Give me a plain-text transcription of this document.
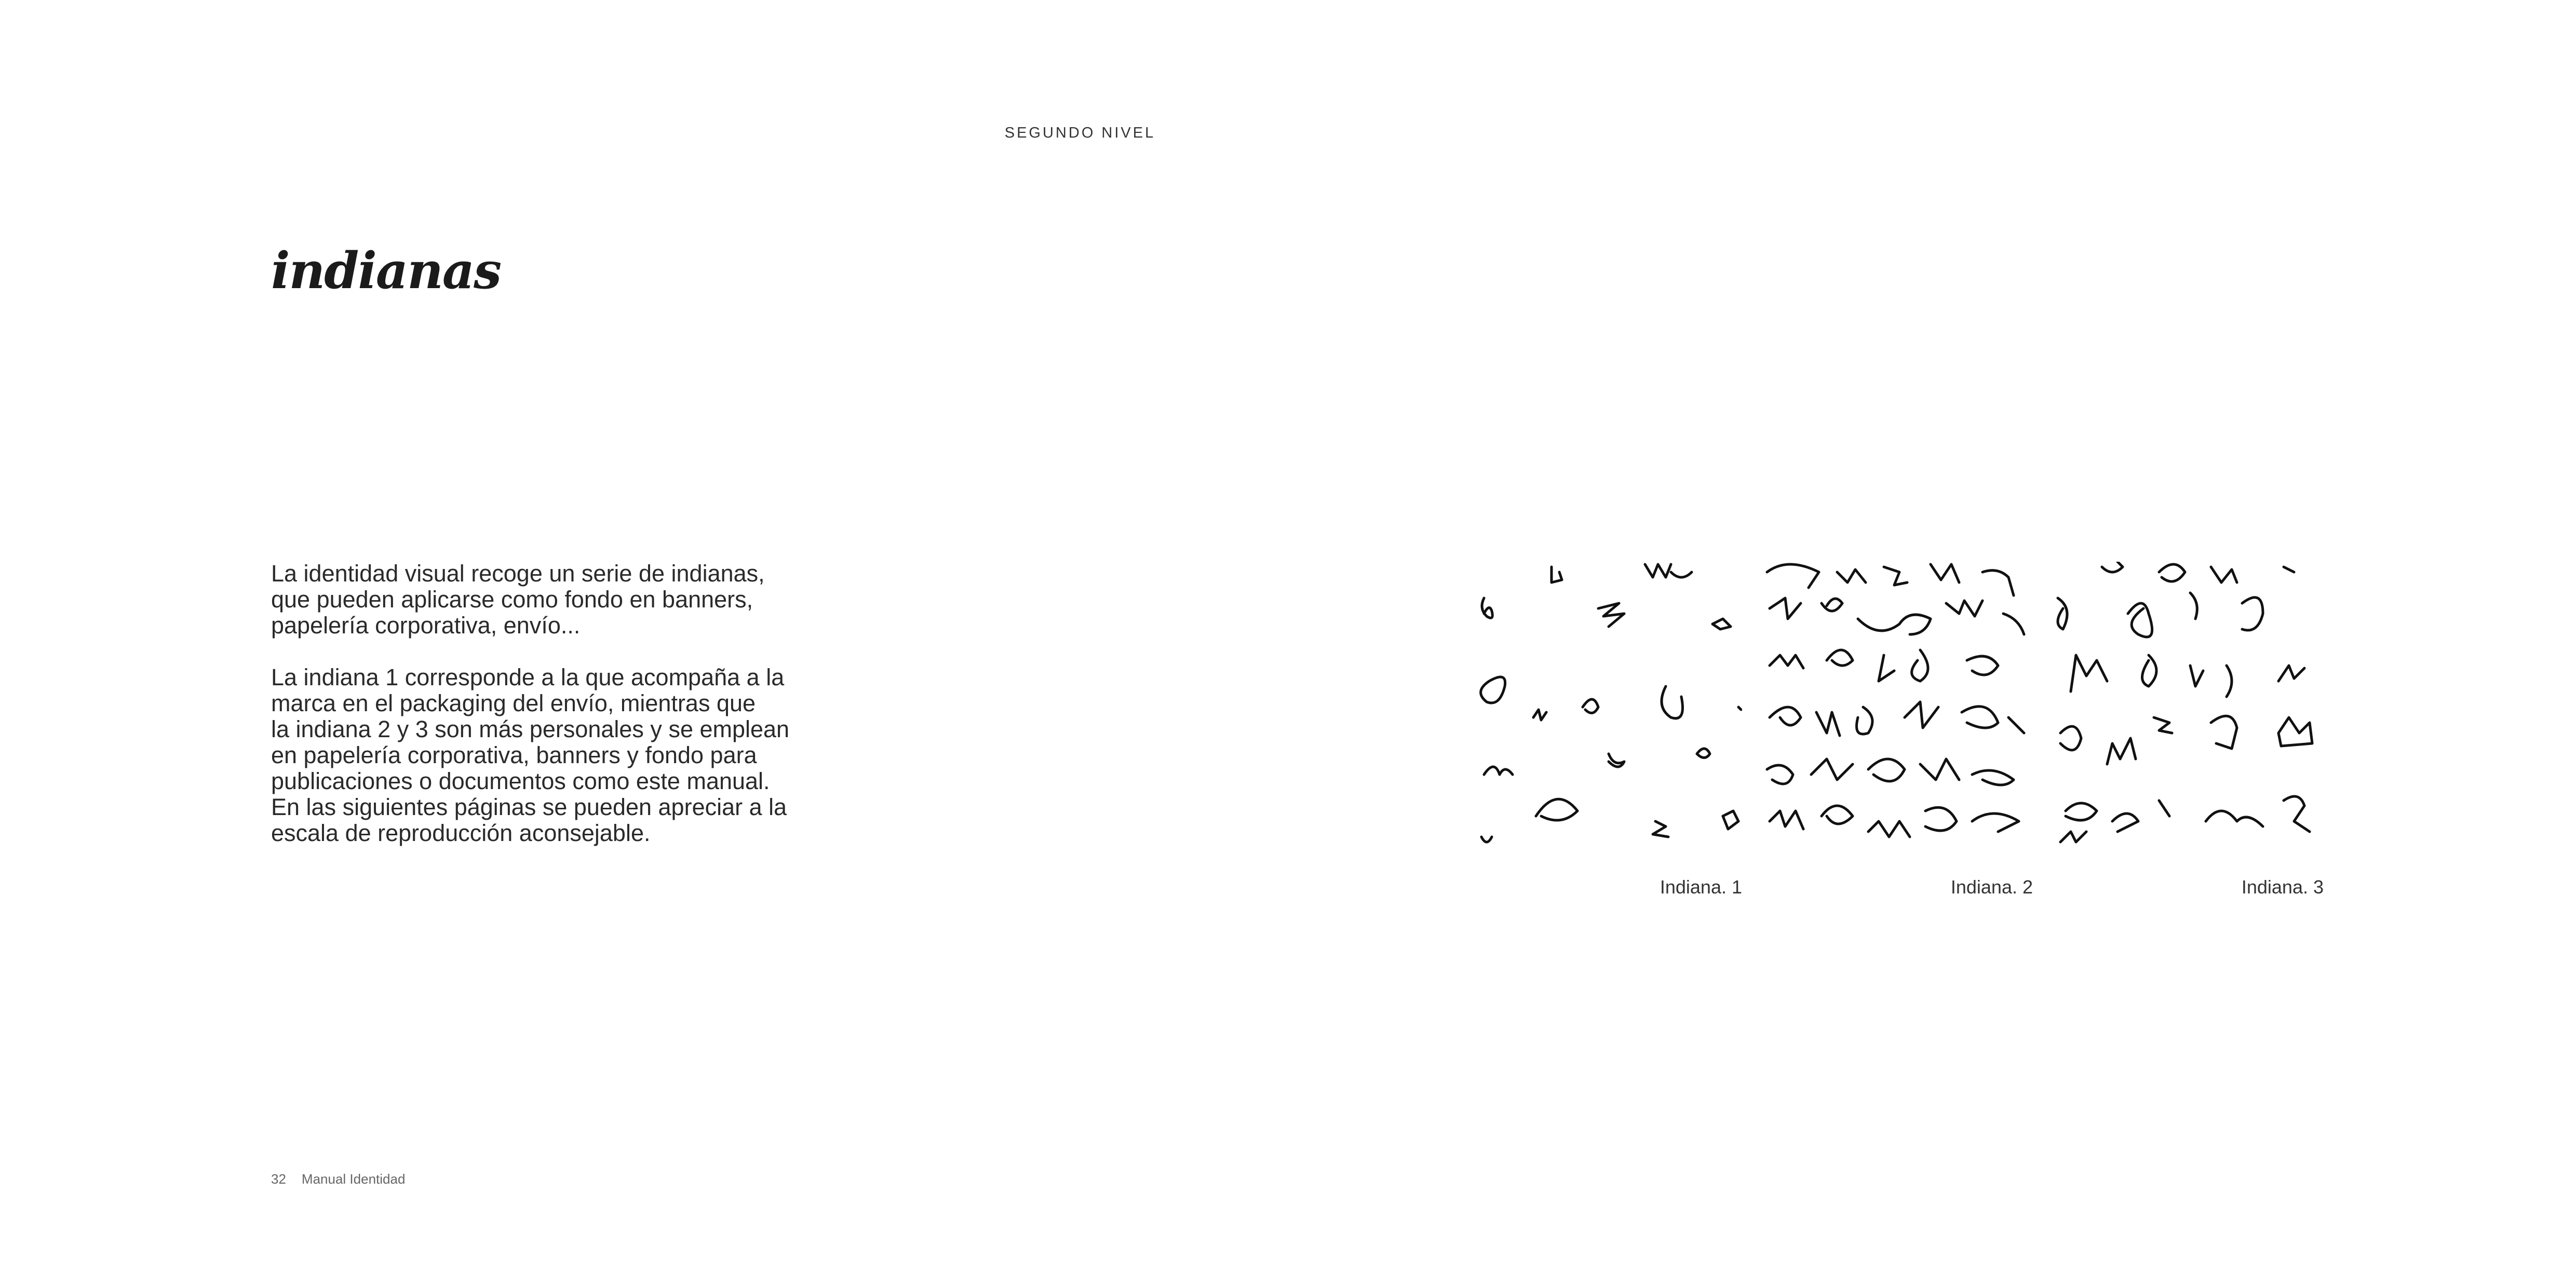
SEGUNDO NIVEL
indianas

La identidad visual recoge un serie de indianas,
que pueden aplicarse como fondo en banners,
papelería corporativa, envío...

La indiana 1 corresponde a la que acompaña a la
marca en el packaging del envío, mientras que
la indiana 2 y 3 son más personales y se emplean
en papelería corporativa, banners y fondo para
publicaciones o documentos como este manual.
En las siguientes páginas se pueden apreciar a la
escala de reproducción aconsejable.

Indiana. 1	Indiana. 2	Indiana. 3
32 Manual Identidad
